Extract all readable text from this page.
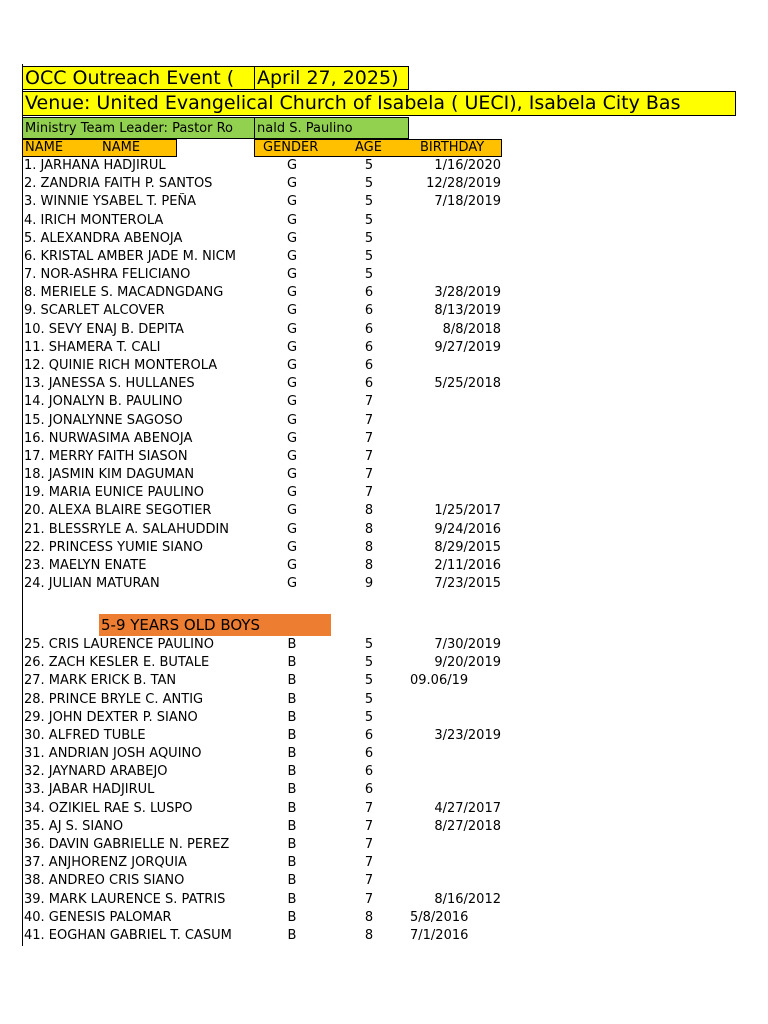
OCC Outreach Event (	April 27, 2025)
Venue: United Evangelical Church of Isabela ( UECI), Isabela City Bas
Ministry Team Leader: Pastor Ro	nald S. Paulino
NAME	NAME	GENDER	AGE	BIRTHDAY
1. JARHANA HADJIRUL	G	5	1/16/2020
2. ZANDRIA FAITH P. SANTOS	G	5	12/28/2019
3. WINNIE YSABEL T. PEÑA	G	5	7/18/2019
4. IRICH MONTEROLA	G	5
5. ALEXANDRA ABENOJA	G	5
6. KRISTAL AMBER JADE M. NICM	G	5
7. NOR-ASHRA FELICIANO	G	5
8. MERIELE S. MACADNGDANG	G	6	3/28/2019
9. SCARLET ALCOVER	G	6	8/13/2019
10. SEVY ENAJ B. DEPITA	G	6	8/8/2018
11. SHAMERA T. CALI	G	6	9/27/2019
12. QUINIE RICH MONTEROLA	G	6
13. JANESSA S. HULLANES	G	6	5/25/2018
14. JONALYN B. PAULINO	G	7
15. JONALYNNE SAGOSO	G	7
16. NURWASIMA ABENOJA	G	7
17. MERRY FAITH SIASON	G	7
18. JASMIN KIM DAGUMAN	G	7
19. MARIA EUNICE PAULINO	G	7
20. ALEXA BLAIRE SEGOTIER	G	8	1/25/2017
21. BLESSRYLE A. SALAHUDDIN	G	8	9/24/2016
22. PRINCESS YUMIE SIANO	G	8	8/29/2015
23. MAELYN ENATE	G	8	2/11/2016
24. JULIAN MATURAN	G	9	7/23/2015
5-9 YEARS OLD BOYS
25. CRIS LAURENCE PAULINO	B	5	7/30/2019
26. ZACH KESLER E. BUTALE	B	5	9/20/2019
27. MARK ERICK B. TAN	B	5	09.06/19
28. PRINCE BRYLE C. ANTIG	B	5
29. JOHN DEXTER P. SIANO	B	5
30. ALFRED TUBLE	B	6	3/23/2019
31. ANDRIAN JOSH AQUINO	B	6
32. JAYNARD ARABEJO	B	6
33. JABAR HADJIRUL	B	6
34. OZIKIEL RAE S. LUSPO	B	7	4/27/2017
35. AJ S. SIANO	B	7	8/27/2018
36. DAVIN GABRIELLE N. PEREZ	B	7
37. ANJHORENZ JORQUIA	B	7
38. ANDREO CRIS SIANO	B	7
39. MARK LAURENCE S. PATRIS	B	7	8/16/2012
40. GENESIS PALOMAR	B	8	5/8/2016
41. EOGHAN GABRIEL T. CASUM	B	8	7/1/2016
